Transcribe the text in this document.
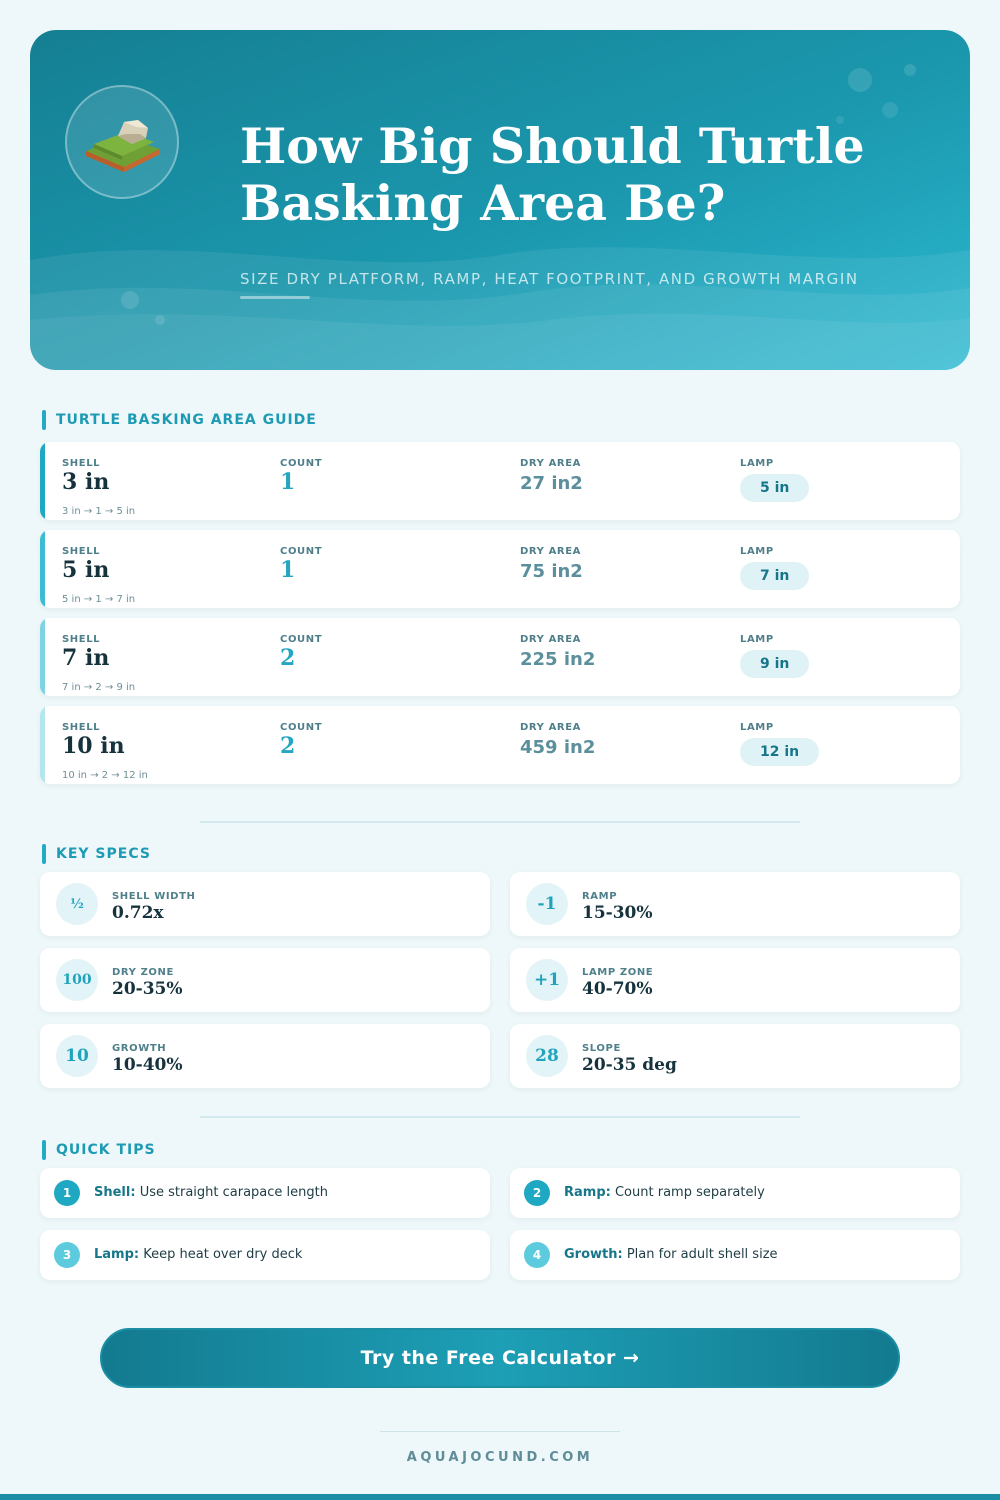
How Big Should Turtle Basking Area Be?
SIZE DRY PLATFORM, RAMP, HEAT FOOTPRINT, AND GROWTH MARGIN
TURTLE BASKING AREA GUIDE
SHELL	COUNT	DRY AREA	LAMP
3 in	1	27 in2	5 in
3 in → 1 → 5 in
SHELL	COUNT	DRY AREA	LAMP
5 in	1	75 in2	7 in
5 in → 1 → 7 in
SHELL	COUNT	DRY AREA	LAMP
7 in	2	225 in2	9 in
7 in → 2 → 9 in
SHELL	COUNT	DRY AREA	LAMP
10 in	2	459 in2	12 in
10 in → 2 → 12 in
KEY SPECS
½	SHELL WIDTH
0.72x	-1	RAMP
15-30%
100	DRY ZONE
20-35%	+1	LAMP ZONE
40-70%
10	GROWTH
10-40%	28	SLOPE
20-35 deg
QUICK TIPS
1	Shell: Use straight carapace length	2	Ramp: Count ramp separately
3	Lamp: Keep heat over dry deck	4	Growth: Plan for adult shell size
Try the Free Calculator →
AQUAJOCUND.COM
